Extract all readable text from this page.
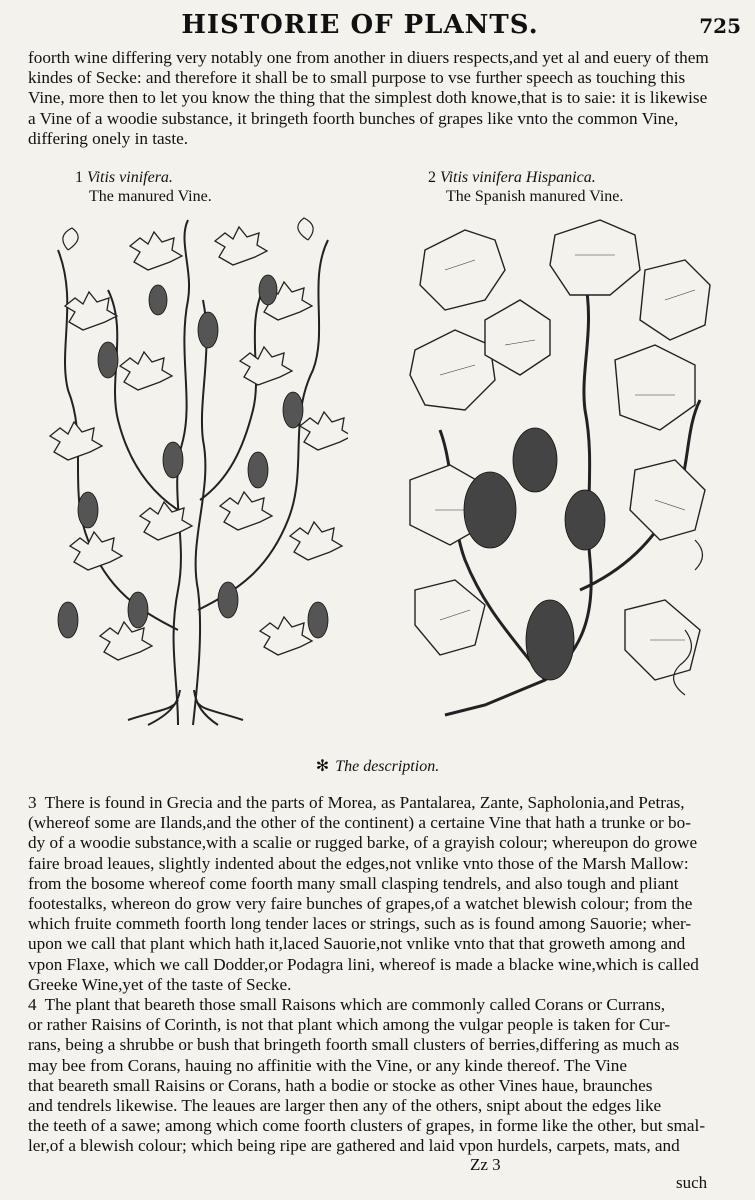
HISTORIE OF PLANTS.	725
foorth wine differing very notably one from another in diuers respects,and yet al and euery of them
kindes of Secke: and therefore it shall be to small purpose to vse further speech as touching this
Vine, more then to let you know the thing that the simplest doth knowe,that is to saie: it is likewise
a Vine of a woodie substance, it bringeth foorth bunches of grapes like vnto the common Vine,
differing onely in taste.
1 Vitis vinifera.
The manured Vine.
2 Vitis vinifera Hispanica.
The Spanish manured Vine.
✻ The description.
3 There is found in Grecia and the parts of Morea, as Pantalarea, Zante, Sapholonia,and Petras,
(whereof some are Ilands,and the other of the continent) a certaine Vine that hath a trunke or bo-
dy of a woodie substance,with a scalie or rugged barke, of a grayish colour; whereupon do growe
faire broad leaues, slightly indented about the edges,not vnlike vnto those of the Marsh Mallow:
from the bosome whereof come foorth many small clasping tendrels, and also tough and pliant
footestalks, whereon do grow very faire bunches of grapes,of a watchet blewish colour; from the
which fruite commeth foorth long tender laces or strings, such as is found among Sauorie; wher-
upon we call that plant which hath it,laced Sauorie,not vnlike vnto that that groweth among and
vpon Flaxe, which we call Dodder,or Podagra lini, whereof is made a blacke wine,which is called
Greeke Wine,yet of the taste of Secke.
4 The plant that beareth those small Raisons which are commonly called Corans or Currans,
or rather Raisins of Corinth, is not that plant which among the vulgar people is taken for Cur-
rans, being a shrubbe or bush that bringeth foorth small clusters of berries,differing as much as
may bee from Corans, hauing no affinitie with the Vine, or any kinde thereof. The Vine
that beareth small Raisins or Corans, hath a bodie or stocke as other Vines haue, braunches
and tendrels likewise. The leaues are larger then any of the others, snipt about the edges like
the teeth of a sawe; among which come foorth clusters of grapes, in forme like the other, but smal-
ler,of a blewish colour; which being ripe are gathered and laid vpon hurdels, carpets, mats, and
Zz 3
such
